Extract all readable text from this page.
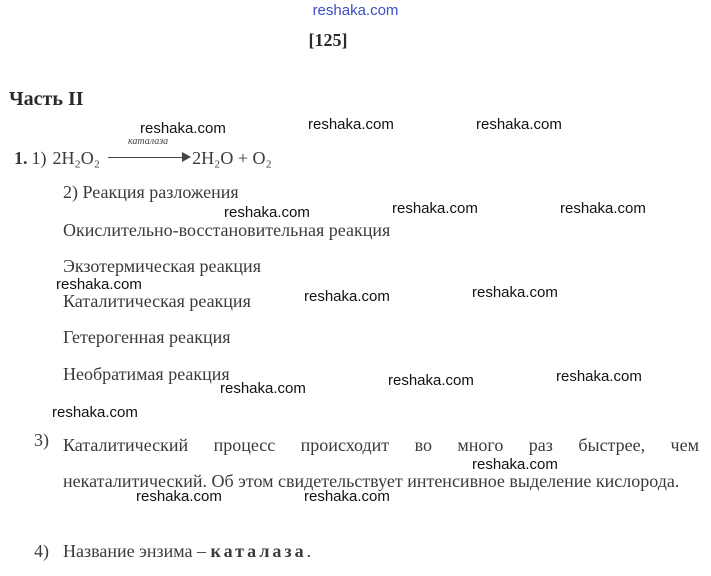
reshaka.com
[125]
Часть II
1. 1) 2H₂O₂
каталаза
2H₂O + O₂
2) Реакция разложения
Окислительно-восстановительная реакция
Экзотермическая реакция
Каталитическая реакция
Гетерогенная реакция
Необратимая реакция
3) Каталитический процесс происходит во много раз быстрее, чем некаталитический. Об этом свидетельствует интенсивное выделение кислорода.
4) Название энзима – каталаза.
reshaka.com	reshaka.com	reshaka.com
reshaka.com	reshaka.com	reshaka.com
reshaka.com
reshaka.com	reshaka.com
reshaka.com	reshaka.com	reshaka.com
reshaka.com
reshaka.com
reshaka.com	reshaka.com
